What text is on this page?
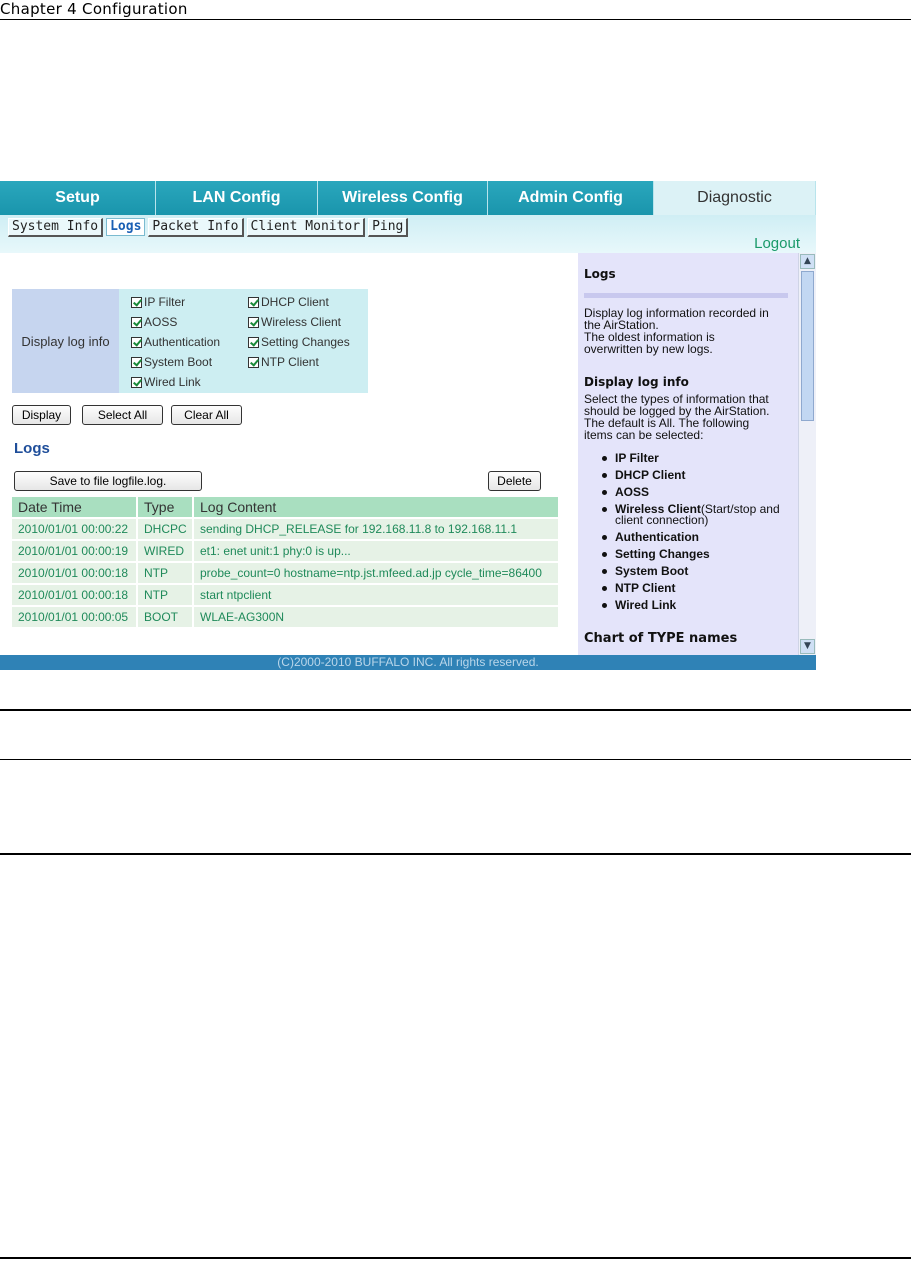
Chapter 4 Configuration
Setup	LAN Config	Wireless Config	Admin Config	Diagnostic
System Info Logs Packet Info Client Monitor Ping
Logout
Display log info
IP Filter	DHCP Client
AOSS	Wireless Client
Authentication	Setting Changes
System Boot	NTP Client
Wired Link
Display	Select All	Clear All
Logs
Save to file logfile.log.	Delete
Date Time	Type	Log Content
2010/01/01 00:00:22	DHCPC	sending DHCP_RELEASE for 192.168.11.8 to 192.168.11.1
2010/01/01 00:00:19	WIRED	et1: enet unit:1 phy:0 is up...
2010/01/01 00:00:18	NTP	probe_count=0 hostname=ntp.jst.mfeed.ad.jp cycle_time=86400
2010/01/01 00:00:18	NTP	start ntpclient
2010/01/01 00:00:05	BOOT	WLAE-AG300N
Logs

Display log information recorded in

the AirStation.

The oldest information is

overwritten by new logs.

Display log info

Select the types of information that

should be logged by the AirStation.

The default is All. The following

items can be selected:

IP Filter
DHCP Client
AOSS
Wireless Client(Start/stop and client connection)
Authentication
Setting Changes
System Boot
NTP Client
Wired Link
Chart of TYPE names
▲
▼
(C)2000-2010 BUFFALO INC. All rights reserved.
